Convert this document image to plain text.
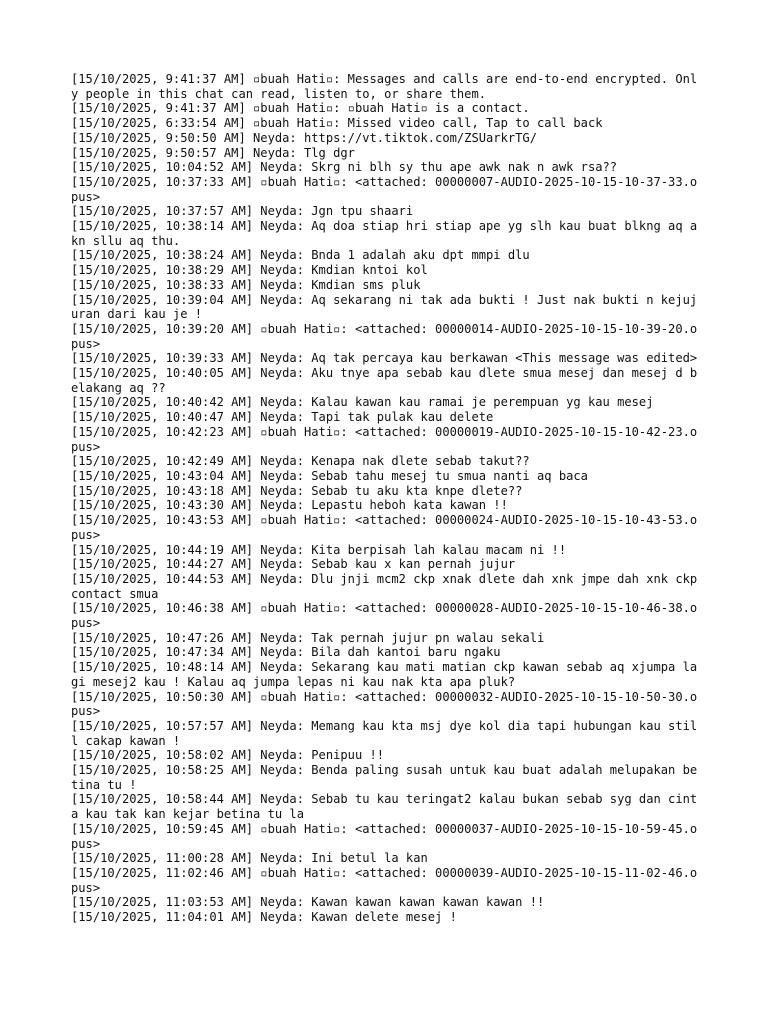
[15/10/2025, 9:41:37 AM] ▫buah Hati▫: Messages and calls are end-to-end encrypted. Only people in this chat can read, listen to, or share them.
[15/10/2025, 9:41:37 AM] ▫buah Hati▫: ▫buah Hati▫ is a contact.
[15/10/2025, 6:33:54 AM] ▫buah Hati▫: Missed video call, Tap to call back
[15/10/2025, 9:50:50 AM] Neyda: https://vt.tiktok.com/ZSUarkrTG/
[15/10/2025, 9:50:57 AM] Neyda: Tlg dgr
[15/10/2025, 10:04:52 AM] Neyda: Skrg ni blh sy thu ape awk nak n awk rsa??
[15/10/2025, 10:37:33 AM] ▫buah Hati▫: <attached: 00000007-AUDIO-2025-10-15-10-37-33.opus>
[15/10/2025, 10:37:57 AM] Neyda: Jgn tpu shaari
[15/10/2025, 10:38:14 AM] Neyda: Aq doa stiap hri stiap ape yg slh kau buat blkng aq akn sllu aq thu.
[15/10/2025, 10:38:24 AM] Neyda: Bnda 1 adalah aku dpt mmpi dlu
[15/10/2025, 10:38:29 AM] Neyda: Kmdian kntoi kol
[15/10/2025, 10:38:33 AM] Neyda: Kmdian sms pluk
[15/10/2025, 10:39:04 AM] Neyda: Aq sekarang ni tak ada bukti ! Just nak bukti n kejujuran dari kau je !
[15/10/2025, 10:39:20 AM] ▫buah Hati▫: <attached: 00000014-AUDIO-2025-10-15-10-39-20.opus>
[15/10/2025, 10:39:33 AM] Neyda: Aq tak percaya kau berkawan <This message was edited>
[15/10/2025, 10:40:05 AM] Neyda: Aku tnye apa sebab kau dlete smua mesej dan mesej d belakang aq ??
[15/10/2025, 10:40:42 AM] Neyda: Kalau kawan kau ramai je perempuan yg kau mesej
[15/10/2025, 10:40:47 AM] Neyda: Tapi tak pulak kau delete
[15/10/2025, 10:42:23 AM] ▫buah Hati▫: <attached: 00000019-AUDIO-2025-10-15-10-42-23.opus>
[15/10/2025, 10:42:49 AM] Neyda: Kenapa nak dlete sebab takut??
[15/10/2025, 10:43:04 AM] Neyda: Sebab tahu mesej tu smua nanti aq baca
[15/10/2025, 10:43:18 AM] Neyda: Sebab tu aku kta knpe dlete??
[15/10/2025, 10:43:30 AM] Neyda: Lepastu heboh kata kawan !!
[15/10/2025, 10:43:53 AM] ▫buah Hati▫: <attached: 00000024-AUDIO-2025-10-15-10-43-53.opus>
[15/10/2025, 10:44:19 AM] Neyda: Kita berpisah lah kalau macam ni !!
[15/10/2025, 10:44:27 AM] Neyda: Sebab kau x kan pernah jujur
[15/10/2025, 10:44:53 AM] Neyda: Dlu jnji mcm2 ckp xnak dlete dah xnk jmpe dah xnk ckp contact smua
[15/10/2025, 10:46:38 AM] ▫buah Hati▫: <attached: 00000028-AUDIO-2025-10-15-10-46-38.opus>
[15/10/2025, 10:47:26 AM] Neyda: Tak pernah jujur pn walau sekali
[15/10/2025, 10:47:34 AM] Neyda: Bila dah kantoi baru ngaku
[15/10/2025, 10:48:14 AM] Neyda: Sekarang kau mati matian ckp kawan sebab aq xjumpa lagi mesej2 kau ! Kalau aq jumpa lepas ni kau nak kta apa pluk?
[15/10/2025, 10:50:30 AM] ▫buah Hati▫: <attached: 00000032-AUDIO-2025-10-15-10-50-30.opus>
[15/10/2025, 10:57:57 AM] Neyda: Memang kau kta msj dye kol dia tapi hubungan kau still cakap kawan !
[15/10/2025, 10:58:02 AM] Neyda: Penipuu !!
[15/10/2025, 10:58:25 AM] Neyda: Benda paling susah untuk kau buat adalah melupakan betina tu !
[15/10/2025, 10:58:44 AM] Neyda: Sebab tu kau teringat2 kalau bukan sebab syg dan cinta kau tak kan kejar betina tu la
[15/10/2025, 10:59:45 AM] ▫buah Hati▫: <attached: 00000037-AUDIO-2025-10-15-10-59-45.opus>
[15/10/2025, 11:00:28 AM] Neyda: Ini betul la kan
[15/10/2025, 11:02:46 AM] ▫buah Hati▫: <attached: 00000039-AUDIO-2025-10-15-11-02-46.opus>
[15/10/2025, 11:03:53 AM] Neyda: Kawan kawan kawan kawan kawan !!
[15/10/2025, 11:04:01 AM] Neyda: Kawan delete mesej !
